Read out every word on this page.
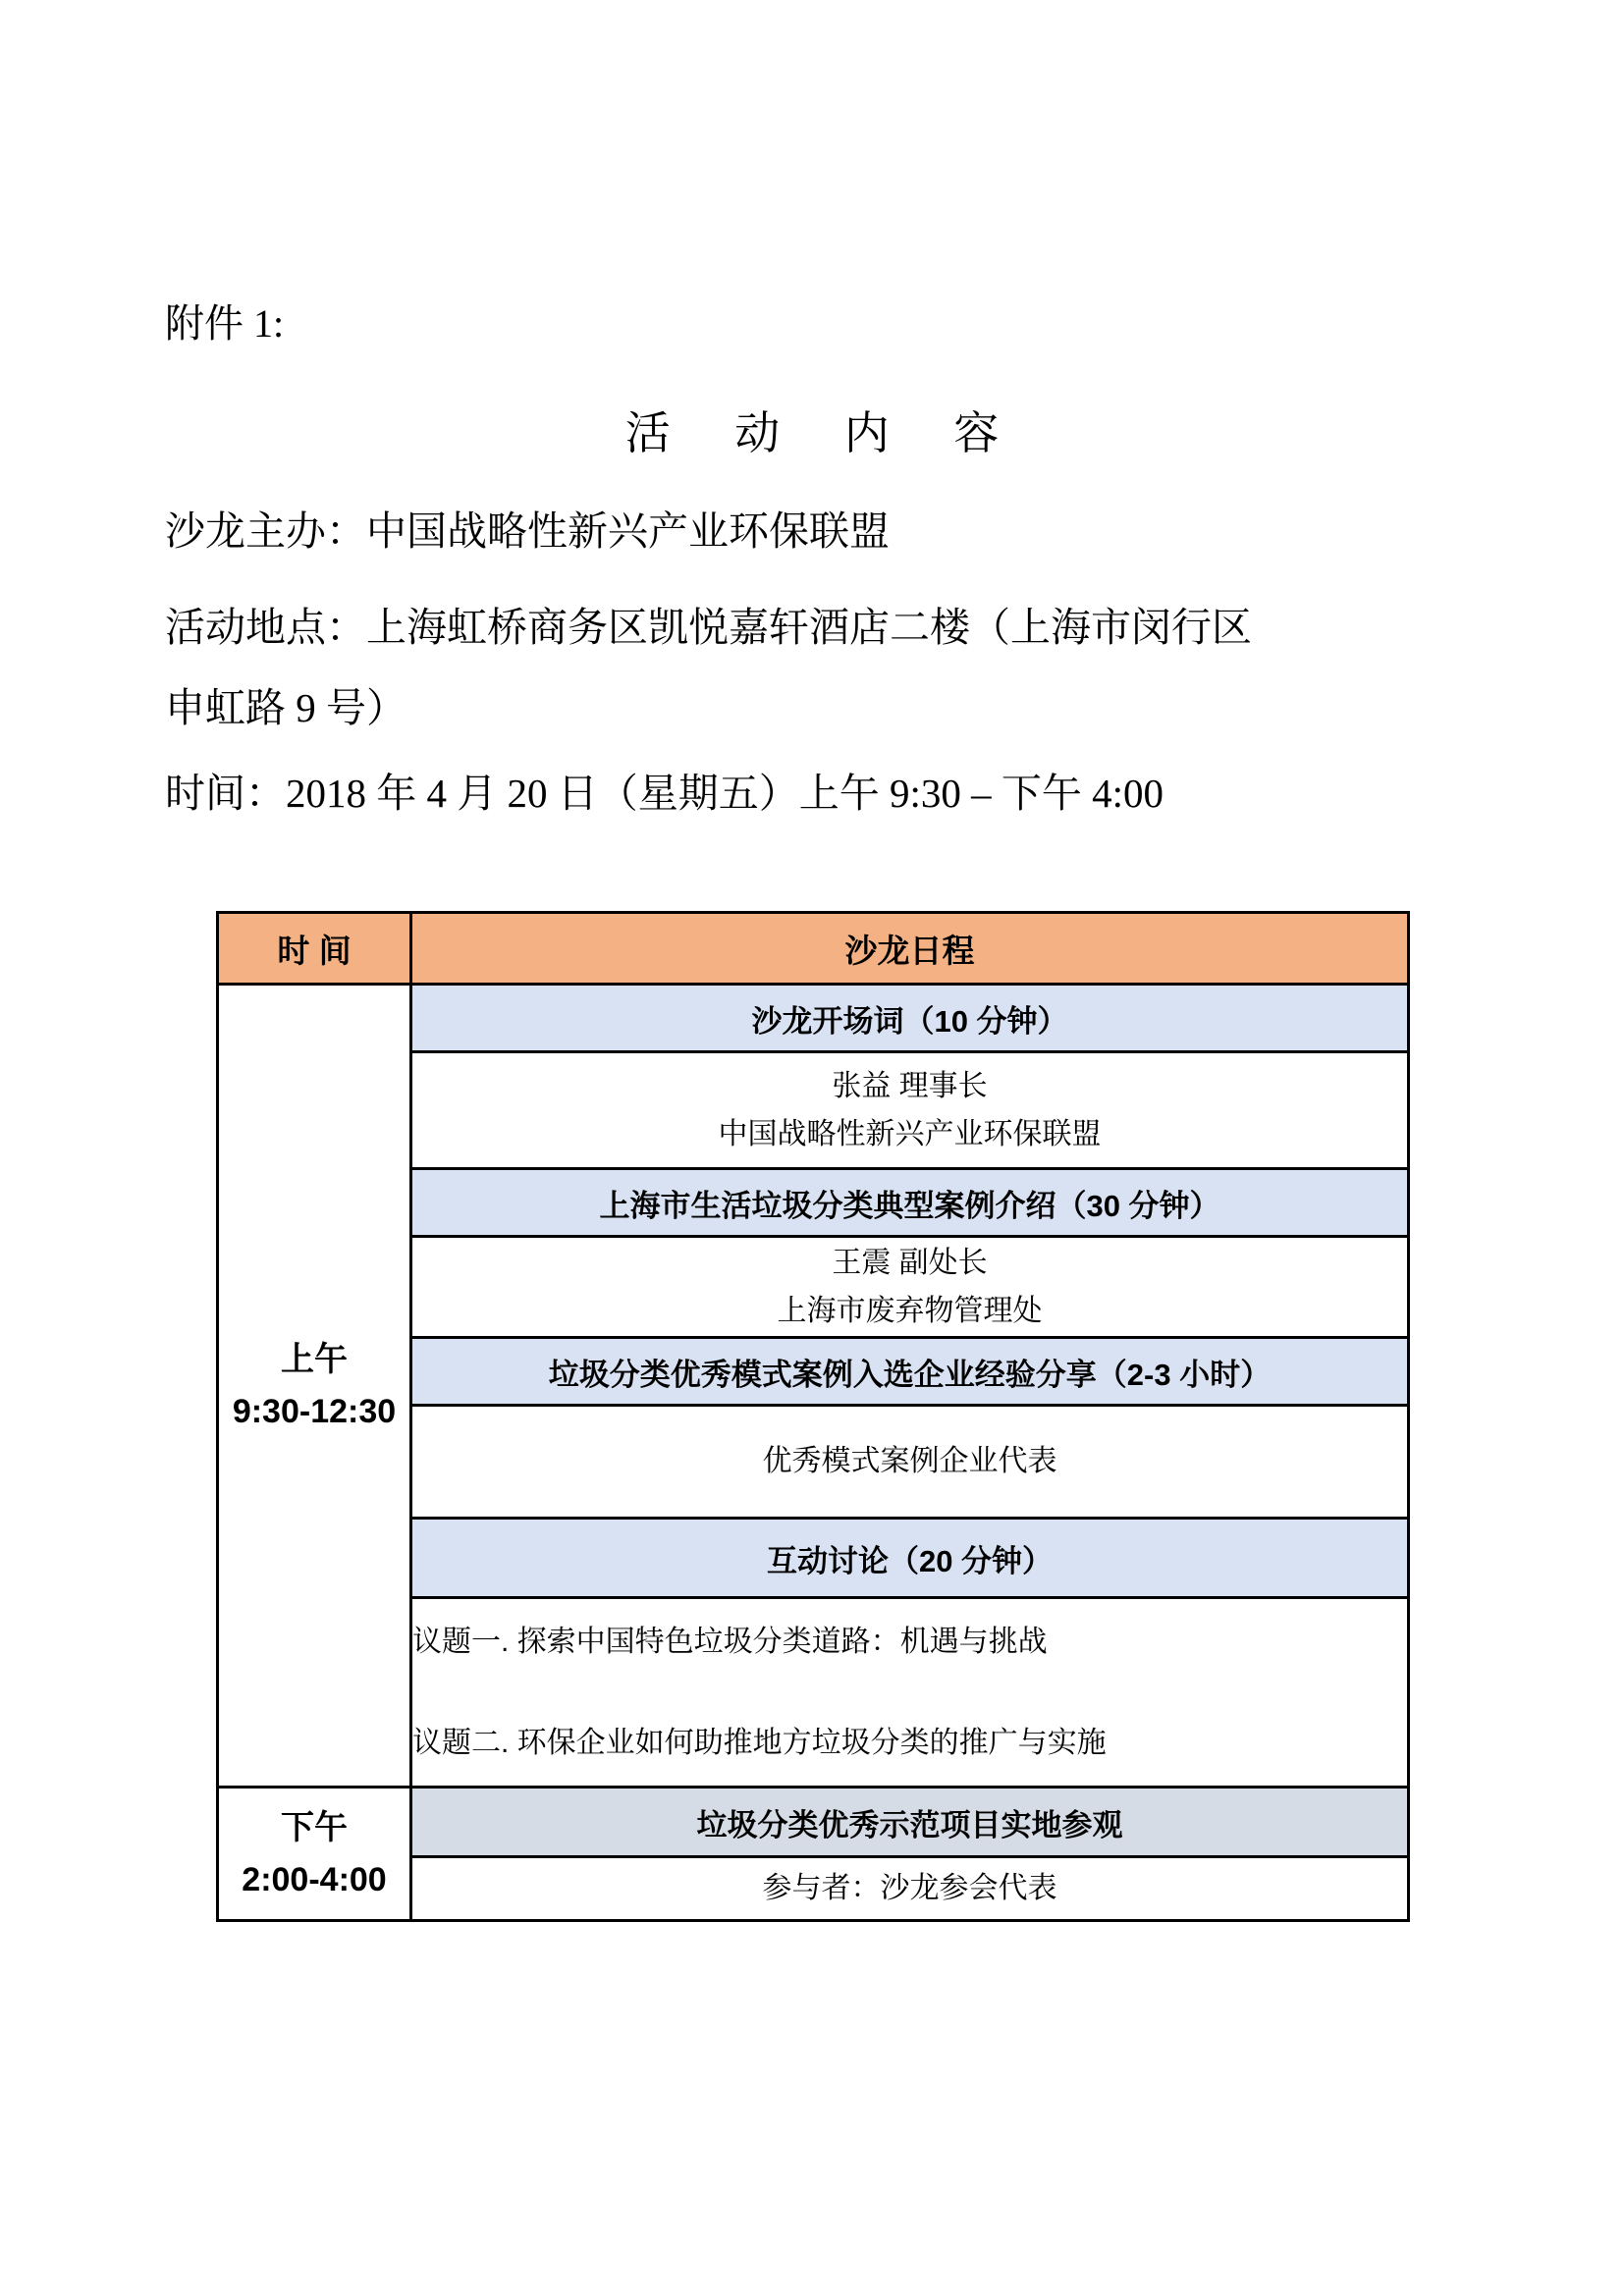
附件 1:
活 动 内 容
沙龙主办：中国战略性新兴产业环保联盟
活动地点：上海虹桥商务区凯悦嘉轩酒店二楼（上海市闵行区
申虹路 9 号）
时间：2018 年 4 月 20 日（星期五）上午 9:30 – 下午 4:00
时 间	沙龙日程

上午
9:30-12:30	沙龙开场词（10 分钟）

	张益 理事长
中国战略性新兴产业环保联盟

	上海市生活垃圾分类典型案例介绍（30 分钟）

	王震 副处长
上海市废弃物管理处

	垃圾分类优秀模式案例入选企业经验分享（2-3 小时）
	优秀模式案例企业代表
	互动讨论（20 分钟）

	议题一. 探索中国特色垃圾分类道路：机遇与挑战
议题二. 环保企业如何助推地方垃圾分类的推广与实施

下午
2:00-4:00	垃圾分类优秀示范项目实地参观
	参与者：沙龙参会代表
